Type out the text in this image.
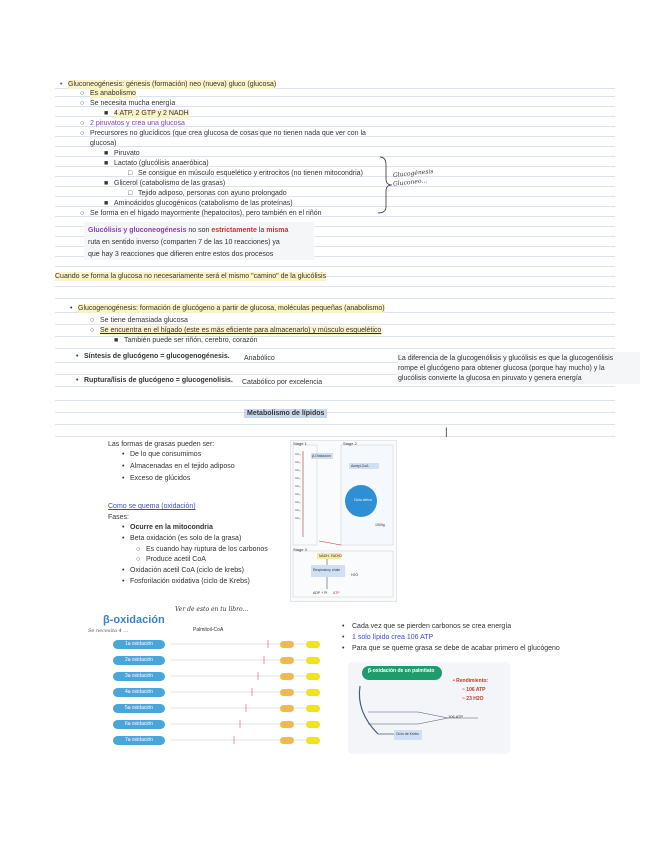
• Gluconeogénesis: génesis (formación) neo (nueva) gluco (glucosa)
○ Es anabolismo
○ Se necesita mucha energía
■ 4 ATP, 2 GTP y 2 NADH
○ 2 piruvatos y crea una glucosa
○ Precursores no glucídicos (que crea glucosa de cosas que no tienen nada que ver con la
glucosa)
■ Piruvato
■ Lactato (glucólisis anaeróbica)
□ Se consigue en músculo esquelético y eritrocitos (no tienen mitocondria)
■ Glicerol (catabolismo de las grasas)
□ Tejido adiposo, personas con ayuno prolongado
■ Aminoácidos glucogénicos (catabolismo de las proteínas)
○ Se forma en el hígado mayormente (hepatocitos), pero también en el riñón
Glucogénesis
Gluconeo...
Glucólisis y gluconeogénesis no son estrictamente la misma
ruta en sentido inverso (comparten 7 de las 10 reacciones) ya
que hay 3 reacciones que difieren entre estos dos procesos
Cuando se forma la glucosa no necesariamente será el mismo "camino" de la glucólisis
• Glucogenogénesis: formación de glucógeno a partir de glucosa, moléculas pequeñas (anabolismo)
○ Se tiene demasiada glucosa
○ Se encuentra en el hígado (este es más eficiente para almacenarlo) y músculo esquelético
■ También puede ser riñón, cerebro, corazón
• Síntesis de glucógeno = glucogenogénesis. Anabólico
• Ruptura/lisis de glucógeno = glucogenolisis. Catabólico por excelencia
La diferencia de la glucogenólisis y glucólisis es que la glucogenólisis
rompe el glucógeno para obtener glucosa (porque hay mucho) y la
glucólisis convierte la glucosa en piruvato y genera energía
Metabolismo de lípidos
|
Las formas de grasas pueden ser:
• De lo que consumimos
• Almacenadas en el tejido adiposo
• Exceso de glúcidos
Como se quema (oxidación)
Fases:
• Ocurre en la mitocondria
• Beta oxidación (es solo de la grasa)
○ Es cuando hay ruptura de los carbonos
○ Produce acetil CoA
• Oxidación acetil CoA (ciclo de krebs)
• Fosforilación oxidativa (ciclo de Krebs)
Ver de esto en tu libro...
CH₂
CH₂
CH₂
CH₂
CH₂
CH₂
CH₂
CH₂
CH₂
Stage 1	Stage 2
Stage 3
β-Oxidación
Acetyl-CoA
Ciclo citrico
1000g
NADH, FADH2
Respiratory chain
H2O
ADP + Pi ATP
β-oxidación
Palmitoil-CoA
Se necesita 4 ...
1a oxidación
2a oxidación
3a oxidación
4a oxidación
5a oxidación
6a oxidación
7a oxidación
• Cada vez que se pierden carbonos se crea energía
• 1 solo lípido crea 106 ATP
• Para que se queme grasa se debe de acabar primero el glucógeno
β-oxidación de un palmitato
• Rendimiento:
~ 106 ATP
~ 23 H2O
106 ATP
Ciclo de Krebs
